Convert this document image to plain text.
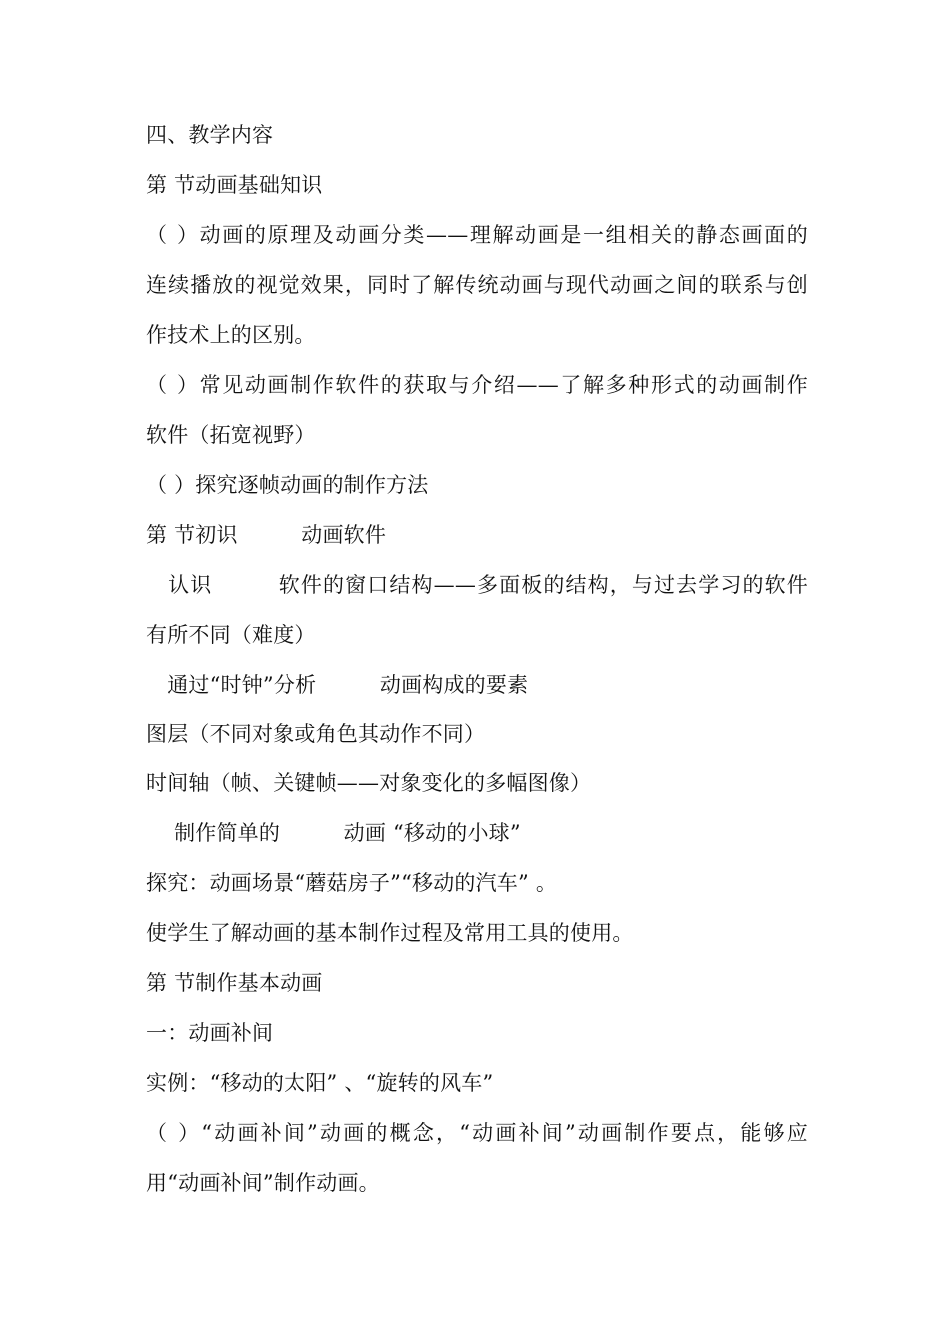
四、教学内容
第 节动画基础知识
（ ）动画的原理及动画分类——理解动画是一组相关的静态画面的
连续播放的视觉效果，同时了解传统动画与现代动画之间的联系与创
作技术上的区别。
（ ）常见动画制作软件的获取与介绍——了解多种形式的动画制作
软件（拓宽视野）
（ ）探究逐帧动画的制作方法
第 节初识　　　动画软件
　认识　　　软件的窗口结构——多面板的结构，与过去学习的软件
有所不同（难度）
　通过“时钟”分析　　　动画构成的要素
图层（不同对象或角色其动作不同）
时间轴（帧、关键帧——对象变化的多幅图像）
　 制作简单的　　　动画 “移动的小球”
探究：动画场景“蘑菇房子”“移动的汽车” 。
使学生了解动画的基本制作过程及常用工具的使用。
第 节制作基本动画
一：动画补间
实例：“移动的太阳” 、“旋转的风车”
（ ）“动画补间”动画的概念，“动画补间”动画制作要点，能够应
用“动画补间”制作动画。
